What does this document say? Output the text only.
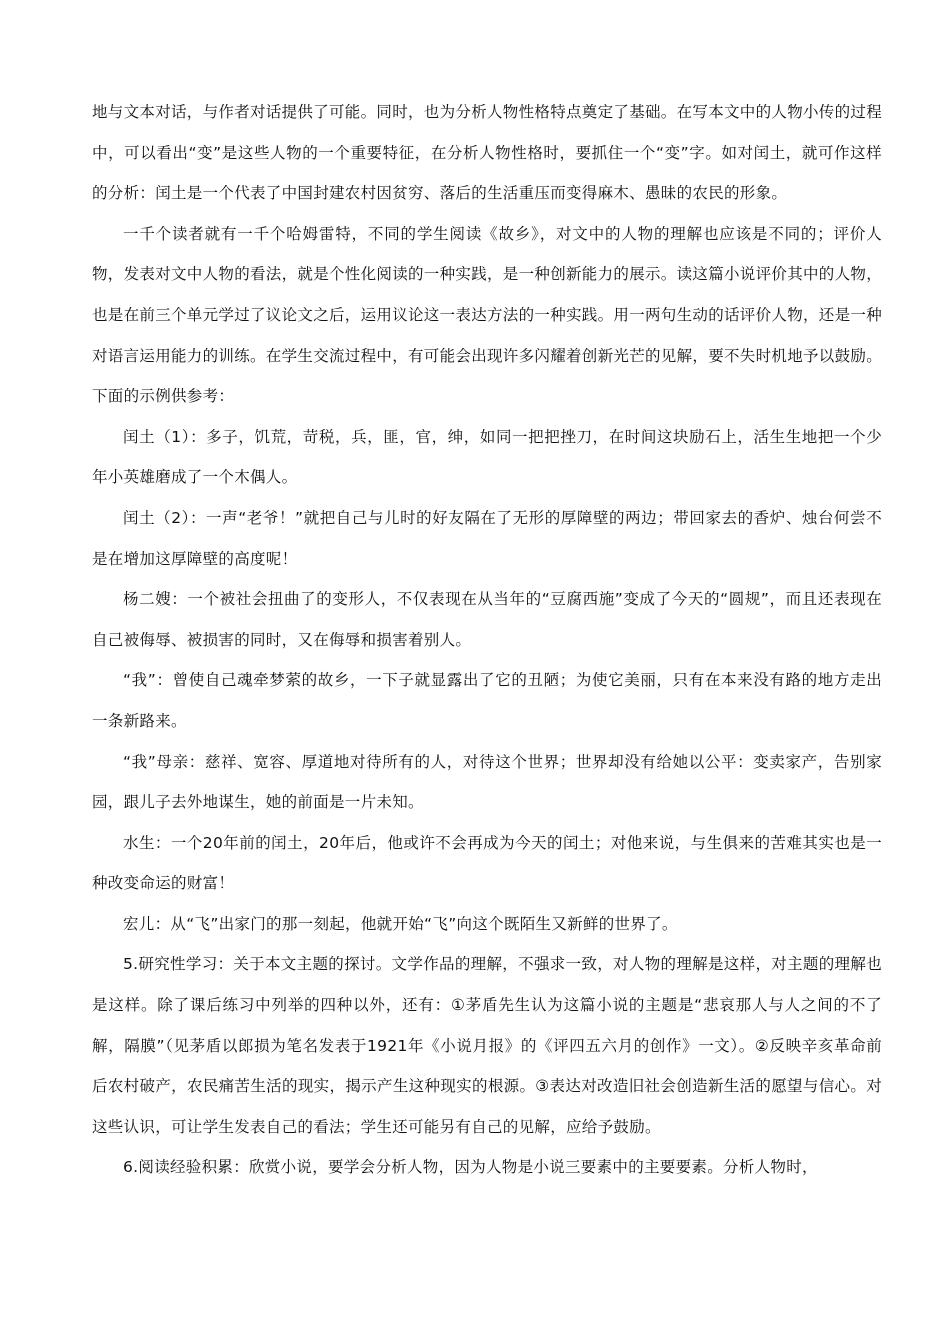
地与文本对话，与作者对话提供了可能。同时，也为分析人物性格特点奠定了基础。在写本文中的人物小传的过程中，可以看出“变”是这些人物的一个重要特征，在分析人物性格时，要抓住一个“变”字。如对闰土，就可作这样的分析：闰土是一个代表了中国封建农村因贫穷、落后的生活重压而变得麻木、愚昧的农民的形象。

一千个读者就有一千个哈姆雷特，不同的学生阅读《故乡》，对文中的人物的理解也应该是不同的；评价人物，发表对文中人物的看法，就是个性化阅读的一种实践，是一种创新能力的展示。读这篇小说评价其中的人物，也是在前三个单元学过了议论文之后，运用议论这一表达方法的一种实践。用一两句生动的话评价人物，还是一种对语言运用能力的训练。在学生交流过程中，有可能会出现许多闪耀着创新光芒的见解，要不失时机地予以鼓励。下面的示例供参考：

闰土（1）：多子，饥荒，苛税，兵，匪，官，绅，如同一把把挫刀，在时间这块励石上，活生生地把一个少年小英雄磨成了一个木偶人。

闰土（2）：一声“老爷！”就把自己与儿时的好友隔在了无形的厚障壁的两边；带回家去的香炉、烛台何尝不是在增加这厚障壁的高度呢！

杨二嫂：一个被社会扭曲了的变形人，不仅表现在从当年的“豆腐西施”变成了今天的“圆规”，而且还表现在自己被侮辱、被损害的同时，又在侮辱和损害着别人。

“我”：曾使自己魂牵梦萦的故乡，一下子就显露出了它的丑陋；为使它美丽，只有在本来没有路的地方走出一条新路来。

“我”母亲：慈祥、宽容、厚道地对待所有的人，对待这个世界；世界却没有给她以公平：变卖家产，告别家园，跟儿子去外地谋生，她的前面是一片未知。

水生：一个20年前的闰土，20年后，他或许不会再成为今天的闰土；对他来说，与生俱来的苦难其实也是一种改变命运的财富！

宏儿：从“飞”出家门的那一刻起，他就开始“飞”向这个既陌生又新鲜的世界了。

5.研究性学习：关于本文主题的探讨。文学作品的理解，不强求一致，对人物的理解是这样，对主题的理解也是这样。除了课后练习中列举的四种以外，还有：①茅盾先生认为这篇小说的主题是“悲哀那人与人之间的不了解，隔膜”（见茅盾以郎损为笔名发表于1921年《小说月报》的《评四五六月的创作》一文）。②反映辛亥革命前后农村破产，农民痛苦生活的现实，揭示产生这种现实的根源。③表达对改造旧社会创造新生活的愿望与信心。对这些认识，可让学生发表自己的看法；学生还可能另有自己的见解，应给予鼓励。

6.阅读经验积累：欣赏小说，要学会分析人物，因为人物是小说三要素中的主要要素。分析人物时，
